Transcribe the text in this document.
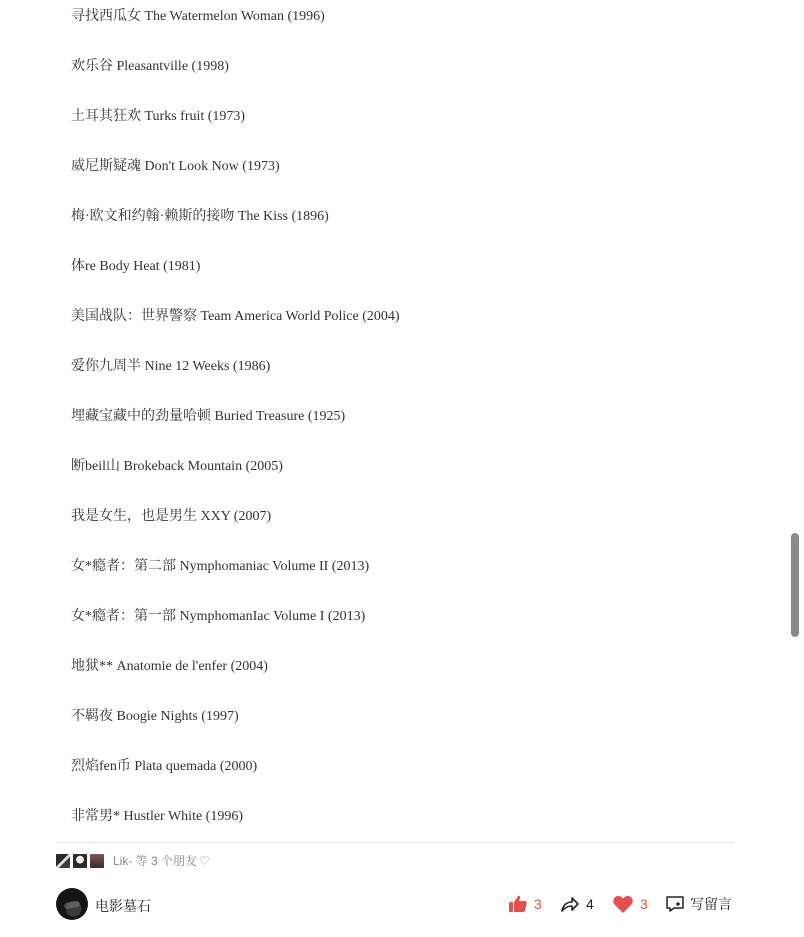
寻找西瓜女 The Watermelon Woman (1996)
欢乐谷 Pleasantville (1998)
土耳其狂欢 Turks fruit (1973)
威尼斯疑魂 Don't Look Now (1973)
梅·欧文和约翰·赖斯的接吻 The Kiss (1896)
体re Body Heat (1981)
美国战队：世界警察 Team America World Police (2004)
爱你九周半 Nine 12 Weeks (1986)
埋藏宝藏中的劲量哈顿 Buried Treasure (1925)
断beil山 Brokeback Mountain (2005)
我是女生，也是男生 XXY (2007)
女*瘾者：第二部 Nymphomaniac Volume II (2013)
女*瘾者：第一部 NymphomanIac Volume I (2013)
地狱** Anatomie de l'enfer (2004)
不羁夜 Boogie Nights (1997)
烈焰fen币 Plata quemada (2000)
非常男* Hustler White (1996)
Lik- 等 3 个朋友 ♡
电影墓石	3	4	3	写留言
